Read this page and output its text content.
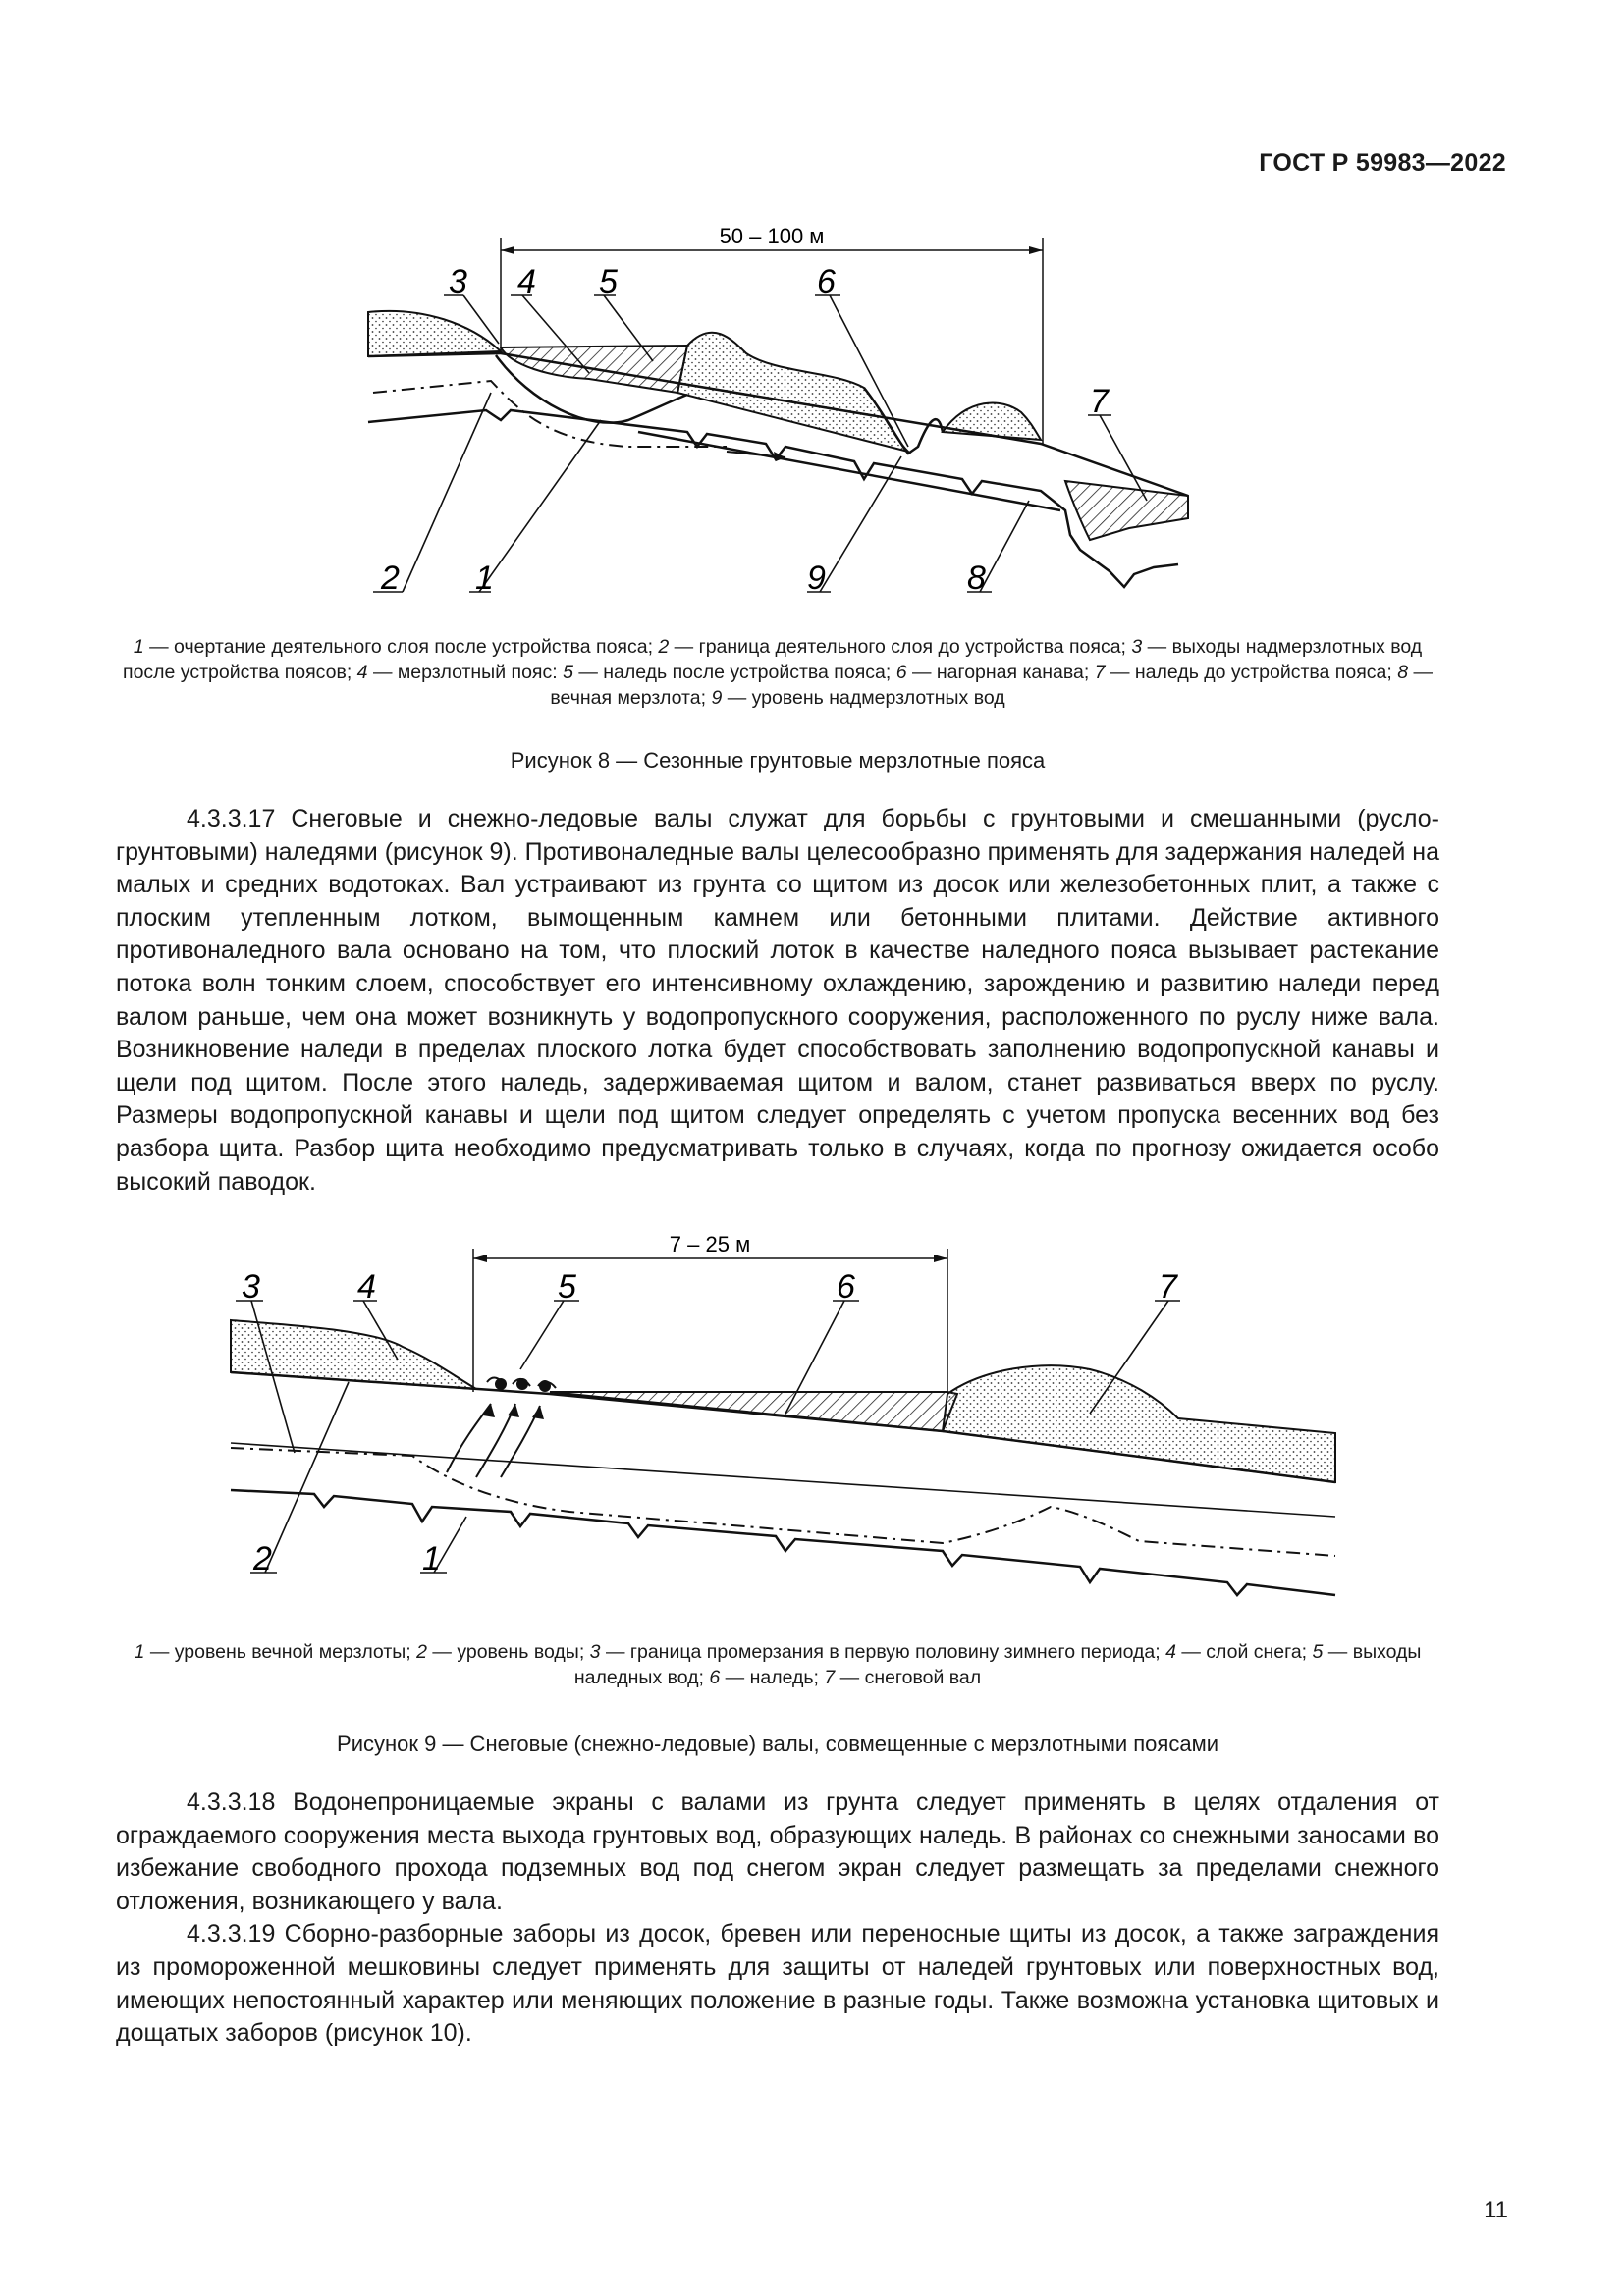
ГОСТ Р 59983—2022
50 – 100 м
2 1
3 4 5	6
7
8
9
1 — очертание деятельного слоя после устройства пояса; 2 — граница деятельного слоя до устройства пояса; 3 — выходы надмерзлотных вод после устройства поясов; 4 — мерзлотный пояс: 5 — наледь после устройства пояса; 6 — нагорная канава; 7 — наледь до устройства пояса; 8 — вечная мерзлота; 9 — уровень надмерзлотных вод
Рисунок 8 — Сезонные грунтовые мерзлотные пояса

4.3.3.17 Снеговые и снежно-ледовые валы служат для борьбы с грунтовыми и смешанными (русло-грунтовыми) наледями (рисунок 9). Противоналедные валы целесообразно применять для задержания наледей на малых и средних водотоках. Вал устраивают из грунта со щитом из досок или железобетонных плит, а также с плоским утепленным лотком, вымощенным камнем или бетонными плитами. Действие активного противоналедного вала основано на том, что плоский лоток в качестве наледного пояса вызывает растекание потока волн тонким слоем, способствует его интенсивному охлаждению, зарождению и развитию наледи перед валом раньше, чем она может возникнуть у водопропускного сооружения, расположенного по руслу ниже вала. Возникновение наледи в пределах плоского лотка будет способствовать заполнению водопропускной канавы и щели под щитом. После этого наледь, задерживаемая щитом и валом, станет развиваться вверх по руслу. Размеры водопропускной канавы и щели под щитом следует определять с учетом пропуска весенних вод без разбора щита. Разбор щита необходимо предусматривать только в случаях, когда по прогнозу ожидается особо высокий паводок.

7 – 25 м
3	4	5	6	7
2	1
1 — уровень вечной мерзлоты; 2 — уровень воды; 3 — граница промерзания в первую половину зимнего периода; 4 — слой снега; 5 — выходы наледных вод; 6 — наледь; 7 — снеговой вал
Рисунок 9 — Снеговые (снежно-ледовые) валы, совмещенные с мерзлотными поясами

4.3.3.18 Водонепроницаемые экраны с валами из грунта следует применять в целях отдаления от ограждаемого сооружения места выхода грунтовых вод, образующих наледь. В районах со снежными заносами во избежание свободного прохода подземных вод под снегом экран следует размещать за пределами снежного отложения, возникающего у вала.

4.3.3.19 Сборно-разборные заборы из досок, бревен или переносные щиты из досок, а также заграждения из промороженной мешковины следует применять для защиты от наледей грунтовых или поверхностных вод, имеющих непостоянный характер или меняющих положение в разные годы. Также возможна установка щитовых и дощатых заборов (рисунок 10).

11
